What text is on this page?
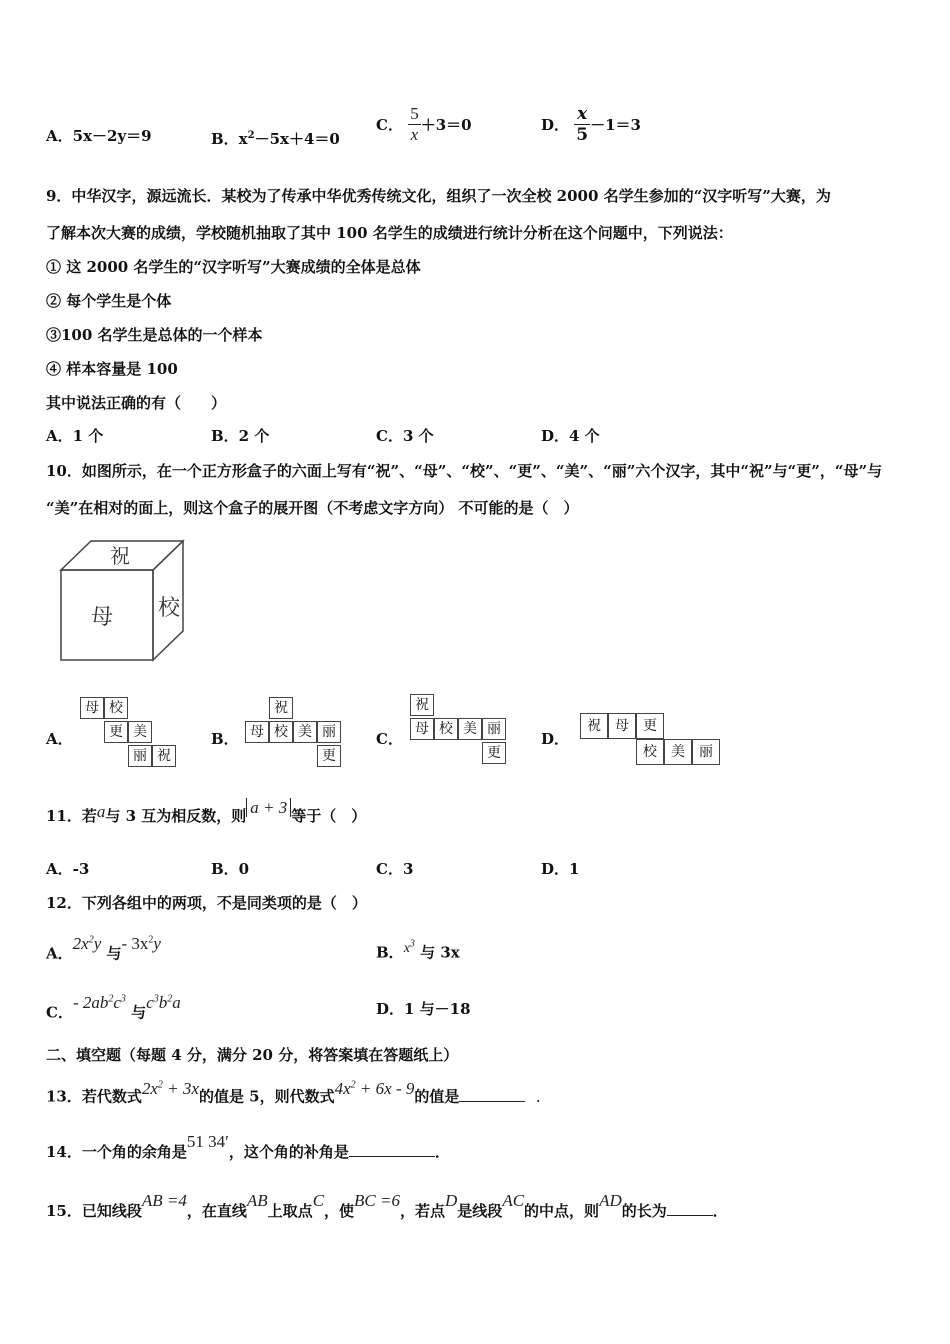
A．5x－2y＝9	B．$x^2-5x+4=0$
C． $\frac{5}{x} +3=0$	D． $\frac{x}{5} -1=3$
9．中华汉字，源远流长．某校为了传承中华优秀传统文化，组织了一次全校 2000 名学生参加的“汉字听写”大赛，为
了解本次大赛的成绩，学校随机抽取了其中 100 名学生的成绩进行统计分析在这个问题中，下列说法：
① 这 2000 名学生的“汉字听写”大赛成绩的全体是总体
② 每个学生是个体
③100 名学生是总体的一个样本
④ 样本容量是 100
其中说法正确的有（　　）
A．1 个	B．2 个	C．3 个	D．4 个
10．如图所示，在一个正方形盒子的六面上写有“祝”、“母”、“校”、“更”、“美”、“丽”六个汉字，其中“祝”与“更”，“母”与
“美”在相对的面上，则这个盒子的展开图（不考虑文字方向） 不可能的是（　）
祝
母 校
A．
母 校
更 美
丽 祝
B．
祝
母 校 美 丽
更
C．
祝
母 校 美 丽
更
D．
祝	母	更
校	美	丽
11．若a与 3 互为相反数，则 a + 3 等于（　）
A．-3	B．0	C．3	D．1
12．下列各组中的两项，不是同类项的是（　）
A．$2x^2y$ 与- $3x^2y$	B．$x^3$ 与 3x
C．- $2ab^2c^3$ 与$c^3b^2a$	D．1 与－18
二、填空题（每题 4 分，满分 20 分，将答案填在答题纸上）
13．若代数式$2x^2 + 3x$的值是 5，则代数式$4x^2 + 6x - 9$的值是	．
14．一个角的余角是51 34′，这个角的补角是	．
15．已知线段AB =4，在直线AB上取点C，使BC =6，若点D是线段AC的中点，则AD的长为	．
